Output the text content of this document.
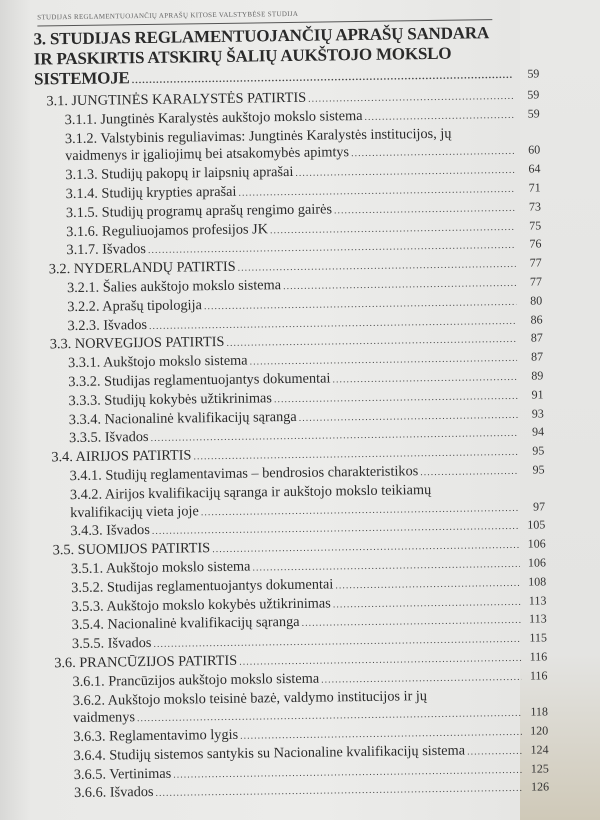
STUDIJAS REGLAMENTUOJANČIŲ APRAŠŲ KITOSE VALSTYBĖSE STUDIJA
3. STUDIJAS REGLAMENTUOJANČIŲ APRAŠŲ SANDARA
IR PASKIRTIS ATSKIRŲ ŠALIŲ AUKŠTOJO MOKSLO
SISTEMOJE .....	59
3.1. JUNGTINĖS KARALYSTĖS PATIRTIS .....	59
3.1.1. Jungtinės Karalystės aukštojo mokslo sistema .....	59
3.1.2. Valstybinis reguliavimas: Jungtinės Karalystės institucijos, jų
vaidmenys ir įgaliojimų bei atsakomybės apimtys .....	60
3.1.3. Studijų pakopų ir laipsnių aprašai .....	64
3.1.4. Studijų krypties aprašai .....	71
3.1.5. Studijų programų aprašų rengimo gairės .....	73
3.1.6. Reguliuojamos profesijos JK .....	75
3.1.7. Išvados .....	76
3.2. NYDERLANDŲ PATIRTIS .....	77
3.2.1. Šalies aukštojo mokslo sistema .....	77
3.2.2. Aprašų tipologija .....	80
3.2.3. Išvados .....	86
3.3. NORVEGIJOS PATIRTIS .....	87
3.3.1. Aukštojo mokslo sistema .....	87
3.3.2. Studijas reglamentuojantys dokumentai .....	89
3.3.3. Studijų kokybės užtikrinimas .....	91
3.3.4. Nacionalinė kvalifikacijų sąranga .....	93
3.3.5. Išvados .....	94
3.4. AIRIJOS PATIRTIS .....	95
3.4.1. Studijų reglamentavimas – bendrosios charakteristikos .....	95
3.4.2. Airijos kvalifikacijų sąranga ir aukštojo mokslo teikiamų
kvalifikacijų vieta joje .....	97
3.4.3. Išvados .....	105
3.5. SUOMIJOS PATIRTIS .....	106
3.5.1. Aukštojo mokslo sistema .....	106
3.5.2. Studijas reglamentuojantys dokumentai .....	108
3.5.3. Aukštojo mokslo kokybės užtikrinimas .....	113
3.5.4. Nacionalinė kvalifikacijų sąranga .....	113
3.5.5. Išvados .....	115
3.6. PRANCŪZIJOS PATIRTIS .....	116
3.6.1. Prancūzijos aukštojo mokslo sistema .....	116
3.6.2. Aukštojo mokslo teisinė bazė, valdymo institucijos ir jų
vaidmenys .....	118
3.6.3. Reglamentavimo lygis .....	120
3.6.4. Studijų sistemos santykis su Nacionaline kvalifikacijų sistema .....	124
3.6.5. Vertinimas .....	125
3.6.6. Išvados .....	126
